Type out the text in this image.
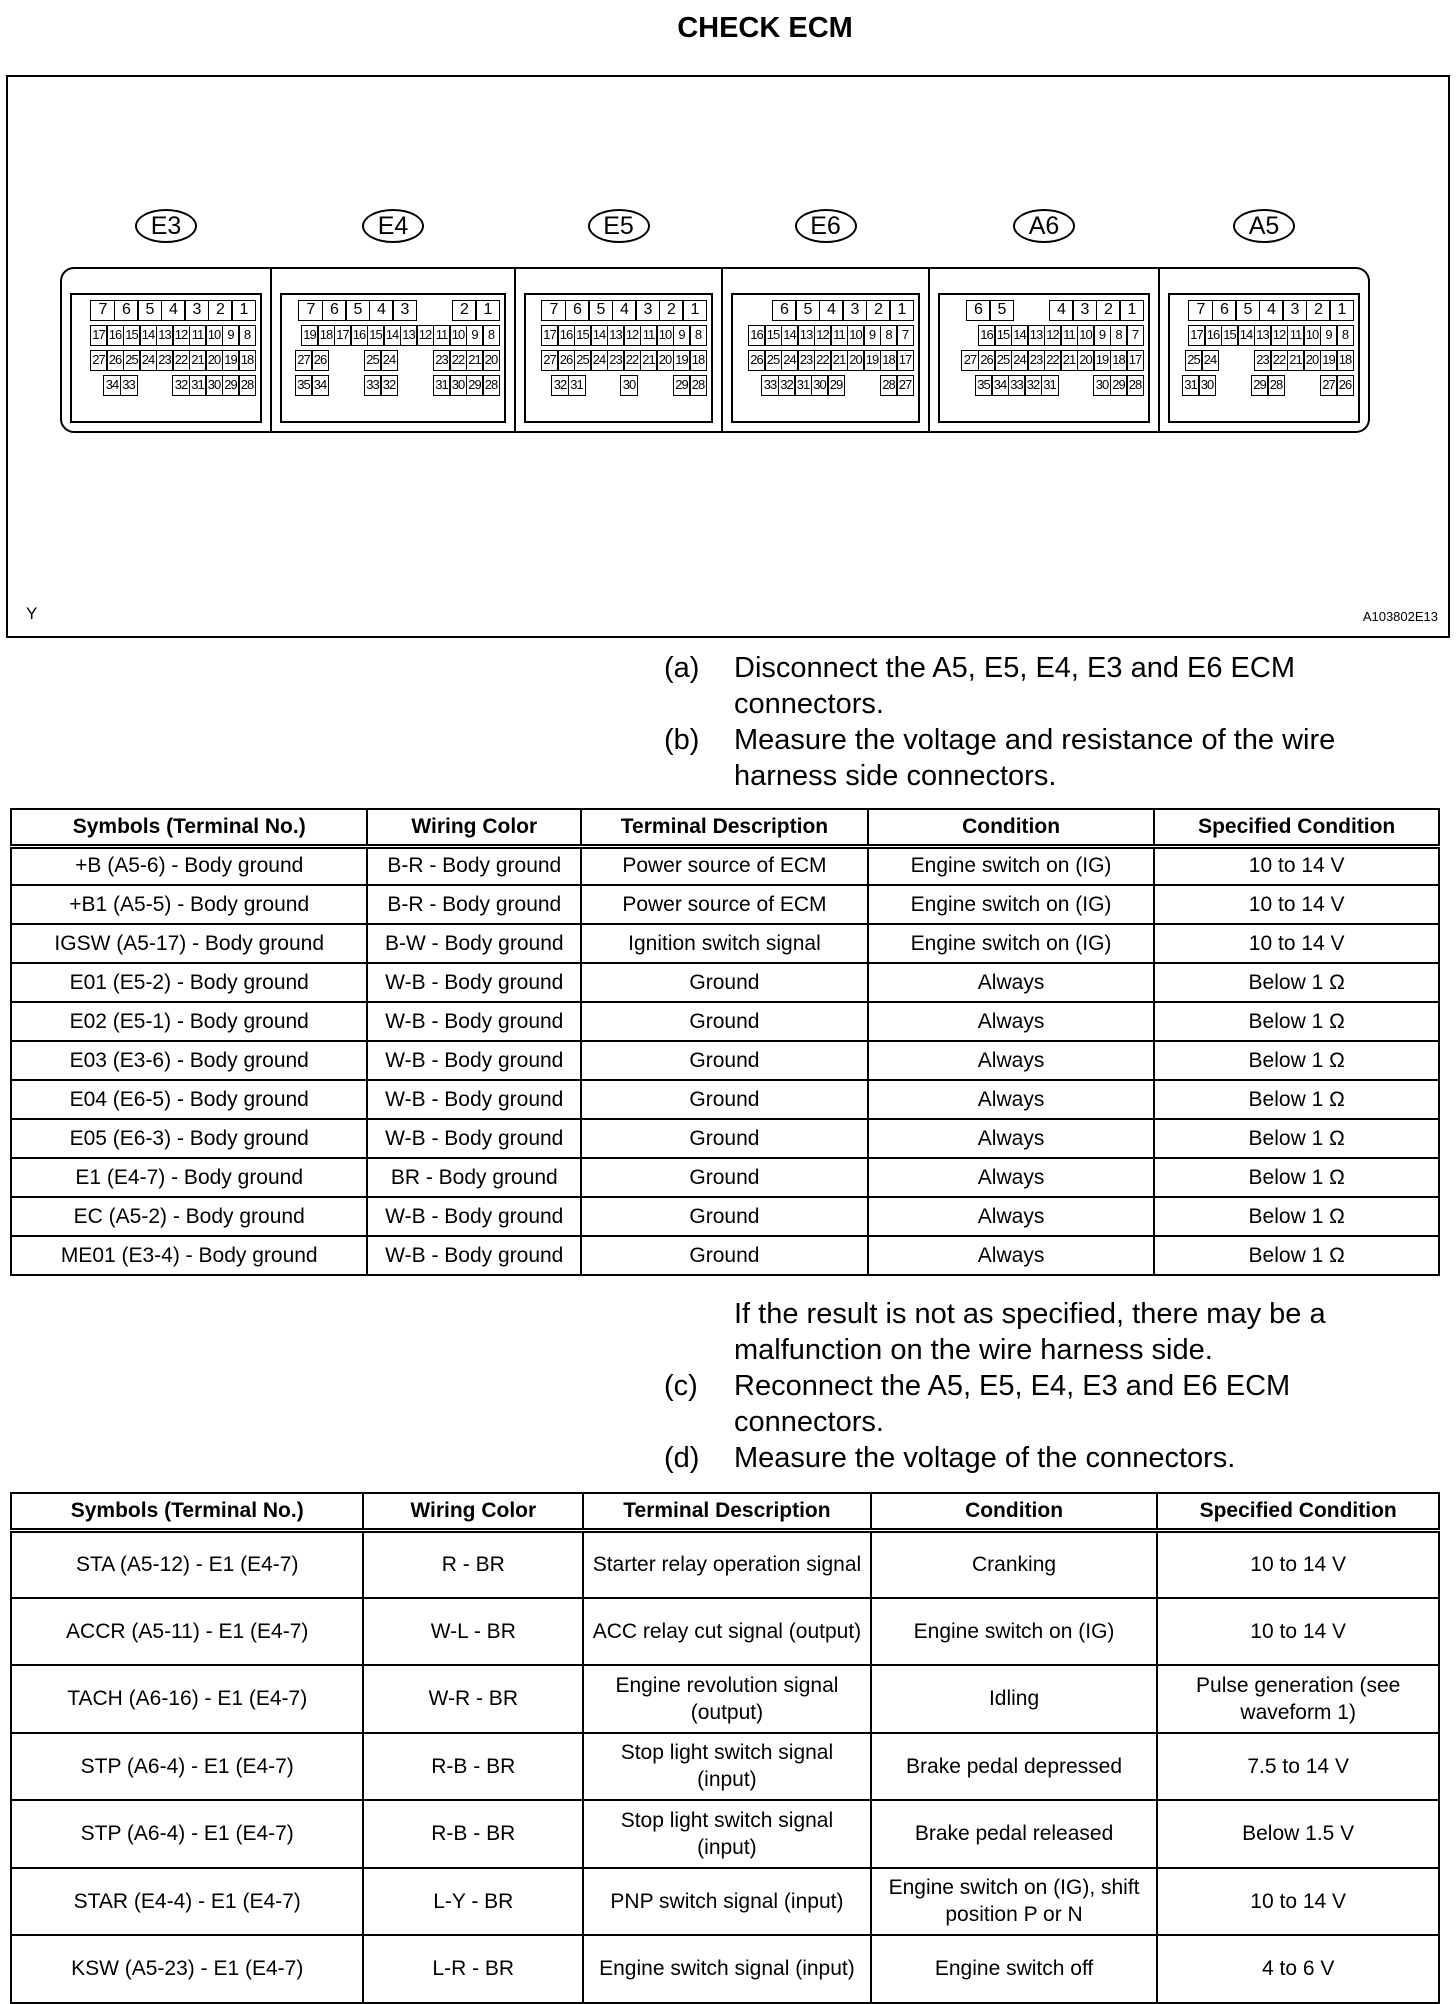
CHECK ECM
E3
7 6 5 4 3 2 1
17 16 15 14 13 12 11 10 9 8
27 26 25 24 23 22 21 20 19 18
34 33	32 31 30 29 28
E4
7 6 5 4 3	2 1
19 18 17 16 15 14 13 12 11 10 9 8
27 26	25 24	23 22 21 20
35 34	33 32	31 30 29 28
E5
7 6 5 4 3 2 1
17 16 15 14 13 12 11 10 9 8
27 26 25 24 23 22 21 20 19 18
32 31	30	29 28
E6
6 5 4 3 2 1
16 15 14 13 12 11 10 9 8 7
26 25 24 23 22 21 20 19 18 17
33 32 31 30 29	28 27
A6
6 5	4 3 2 1
16 15 14 13 12 11 10 9 8 7
27 26 25 24 23 22 21 20 19 18 17
35 34 33 32 31	30 29 28
A5
7 6 5 4 3 2 1
17 16 15 14 13 12 11 10 9 8
25 24	23 22 21 20 19 18
31 30	29 28	27 26
Y	A103802E13
(a) Disconnect the A5, E5, E4, E3 and E6 ECM connectors.
(b) Measure the voltage and resistance of the wire harness side connectors.
Symbols (Terminal No.)	Wiring Color	Terminal Description	Condition	Specified Condition
+B (A5-6) - Body ground	B-R - Body ground	Power source of ECM	Engine switch on (IG)	10 to 14 V
+B1 (A5-5) - Body ground	B-R - Body ground	Power source of ECM	Engine switch on (IG)	10 to 14 V
IGSW (A5-17) - Body ground	B-W - Body ground	Ignition switch signal	Engine switch on (IG)	10 to 14 V
E01 (E5-2) - Body ground	W-B - Body ground	Ground	Always	Below 1 Ω
E02 (E5-1) - Body ground	W-B - Body ground	Ground	Always	Below 1 Ω
E03 (E3-6) - Body ground	W-B - Body ground	Ground	Always	Below 1 Ω
E04 (E6-5) - Body ground	W-B - Body ground	Ground	Always	Below 1 Ω
E05 (E6-3) - Body ground	W-B - Body ground	Ground	Always	Below 1 Ω
E1 (E4-7) - Body ground	BR - Body ground	Ground	Always	Below 1 Ω
EC (A5-2) - Body ground	W-B - Body ground	Ground	Always	Below 1 Ω
ME01 (E3-4) - Body ground	W-B - Body ground	Ground	Always	Below 1 Ω
If the result is not as specified, there may be a malfunction on the wire harness side.
(c) Reconnect the A5, E5, E4, E3 and E6 ECM connectors.
(d) Measure the voltage of the connectors.
Symbols (Terminal No.)	Wiring Color	Terminal Description	Condition	Specified Condition
STA (A5-12) - E1 (E4-7)	R - BR	Starter relay operation signal	Cranking	10 to 14 V
ACCR (A5-11) - E1 (E4-7)	W-L - BR	ACC relay cut signal (output)	Engine switch on (IG)	10 to 14 V
TACH (A6-16) - E1 (E4-7)	W-R - BR	Engine revolution signal (output)	Idling	Pulse generation (see waveform 1)
STP (A6-4) - E1 (E4-7)	R-B - BR	Stop light switch signal (input)	Brake pedal depressed	7.5 to 14 V
STP (A6-4) - E1 (E4-7)	R-B - BR	Stop light switch signal (input)	Brake pedal released	Below 1.5 V
STAR (E4-4) - E1 (E4-7)	L-Y - BR	PNP switch signal (input)	Engine switch on (IG), shift position P or N	10 to 14 V
KSW (A5-23) - E1 (E4-7)	L-R - BR	Engine switch signal (input)	Engine switch off	4 to 6 V
